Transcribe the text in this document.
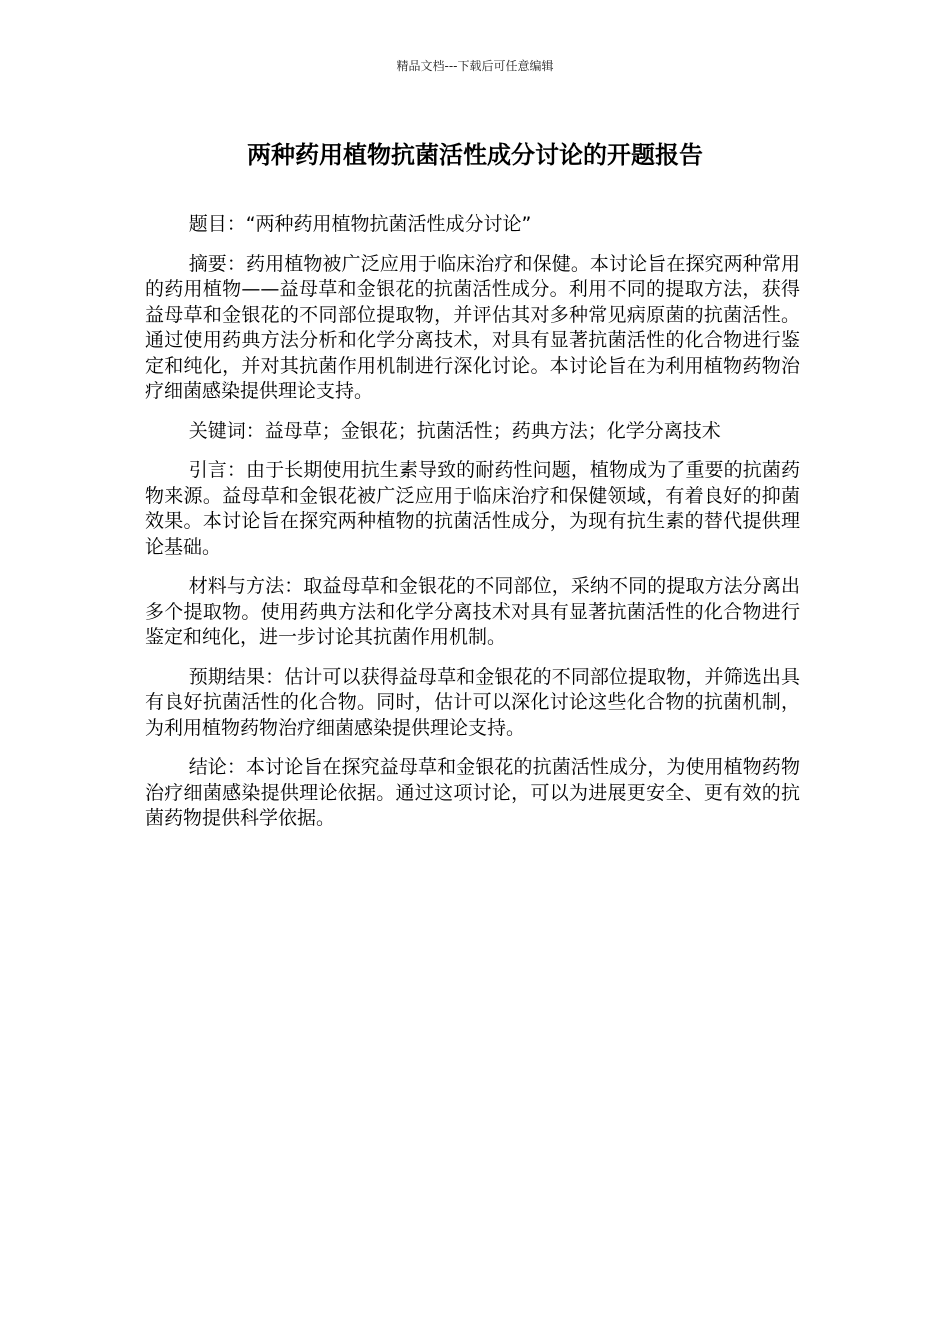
精品文档---下载后可任意编辑
两种药用植物抗菌活性成分讨论的开题报告

题目：“两种药用植物抗菌活性成分讨论”

摘要：药用植物被广泛应用于临床治疗和保健。本讨论旨在探究两种常用的药用植物——益母草和金银花的抗菌活性成分。利用不同的提取方法，获得益母草和金银花的不同部位提取物，并评估其对多种常见病原菌的抗菌活性。通过使用药典方法分析和化学分离技术，对具有显著抗菌活性的化合物进行鉴定和纯化，并对其抗菌作用机制进行深化讨论。本讨论旨在为利用植物药物治疗细菌感染提供理论支持。

关键词：益母草；金银花；抗菌活性；药典方法；化学分离技术

引言：由于长期使用抗生素导致的耐药性问题，植物成为了重要的抗菌药物来源。益母草和金银花被广泛应用于临床治疗和保健领域，有着良好的抑菌效果。本讨论旨在探究两种植物的抗菌活性成分，为现有抗生素的替代提供理论基础。

材料与方法：取益母草和金银花的不同部位，采纳不同的提取方法分离出多个提取物。使用药典方法和化学分离技术对具有显著抗菌活性的化合物进行鉴定和纯化，进一步讨论其抗菌作用机制。

预期结果：估计可以获得益母草和金银花的不同部位提取物，并筛选出具有良好抗菌活性的化合物。同时，估计可以深化讨论这些化合物的抗菌机制，为利用植物药物治疗细菌感染提供理论支持。

结论：本讨论旨在探究益母草和金银花的抗菌活性成分，为使用植物药物治疗细菌感染提供理论依据。通过这项讨论，可以为进展更安全、更有效的抗菌药物提供科学依据。
